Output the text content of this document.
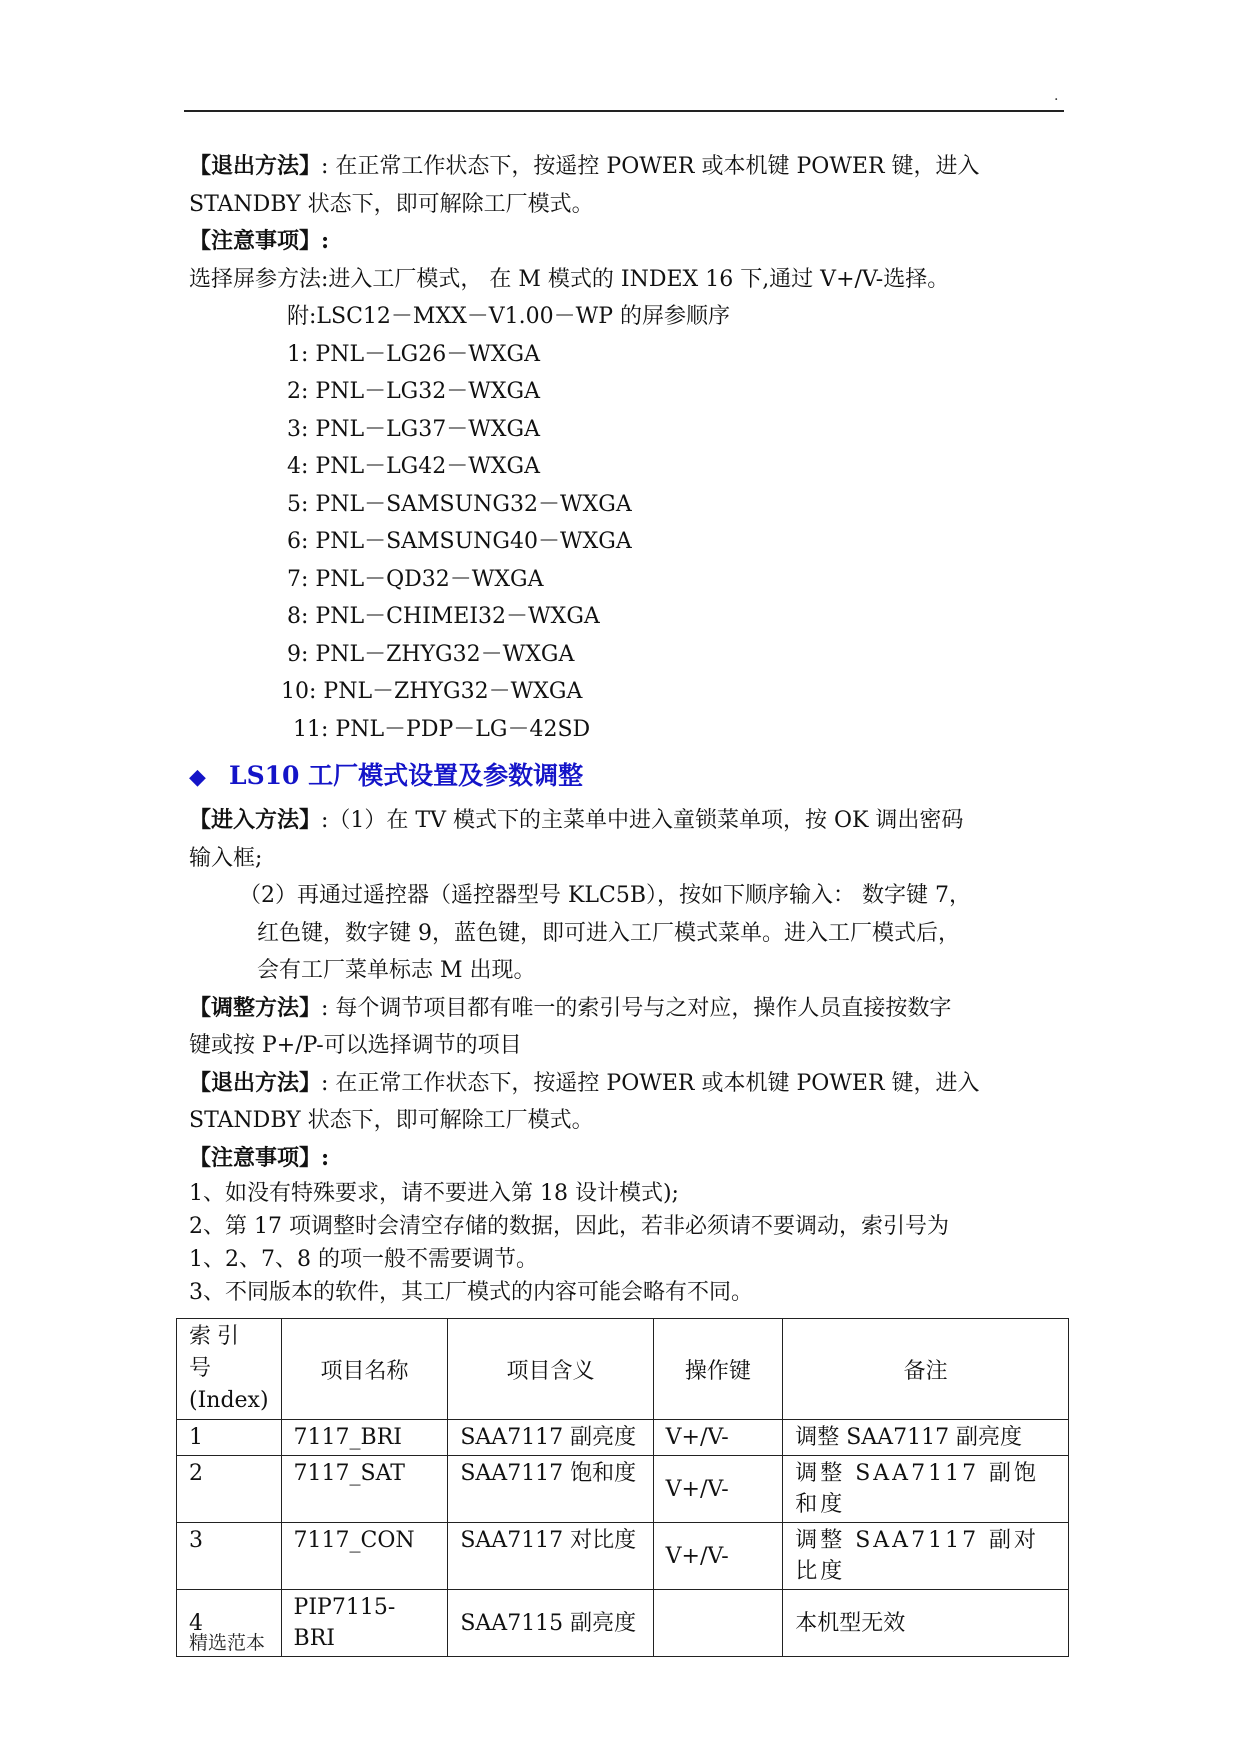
.
【退出方法】: 在正常工作状态下，按遥控 POWER 或本机键 POWER 键，进入
STANDBY 状态下，即可解除工厂模式。
【注意事项】:
选择屏参方法:进入工厂模式， 在 M 模式的 INDEX 16 下,通过 V+/V-选择。
附:LSC12－MXX－V1.00－WP 的屏参顺序
1: PNL－LG26－WXGA
2: PNL－LG32－WXGA
3: PNL－LG37－WXGA
4: PNL－LG42－WXGA
5: PNL－SAMSUNG32－WXGA
6: PNL－SAMSUNG40－WXGA
7: PNL－QD32－WXGA
8: PNL－CHIMEI32－WXGA
9: PNL－ZHYG32－WXGA
10: PNL－ZHYG32－WXGA
11: PNL－PDP－LG－42SD
◆ LS10 工厂模式设置及参数调整
【进入方法】:（1）在 TV 模式下的主菜单中进入童锁菜单项，按 OK 调出密码
输入框;
（2）再通过遥控器（遥控器型号 KLC5B），按如下顺序输入： 数字键 7，
红色键，数字键 9，蓝色键，即可进入工厂模式菜单。进入工厂模式后，
会有工厂菜单标志 M 出现。
【调整方法】: 每个调节项目都有唯一的索引号与之对应，操作人员直接按数字
键或按 P+/P-可以选择调节的项目
【退出方法】: 在正常工作状态下，按遥控 POWER 或本机键 POWER 键，进入
STANDBY 状态下，即可解除工厂模式。
【注意事项】:
1、如没有特殊要求，请不要进入第 18 设计模式);
2、第 17 项调整时会清空存储的数据，因此，若非必须请不要调动，索引号为
1、2、7、8 的项一般不需要调节。
3、不同版本的软件，其工厂模式的内容可能会略有不同。
索引号
(Index)	项目名称	项目含义	操作键	备注
1	7117_BRI	SAA7117 副亮度	V+/V-	调整 SAA7117 副亮度
2	7117_SAT	SAA7117 饱和度	V+/V-	调整 SAA7117 副饱和度
3	7117_CON	SAA7117 对比度	V+/V-	调整 SAA7117 副对比度
4	PIP7115-BRI	SAA7115 副亮度		本机型无效
精选范本
